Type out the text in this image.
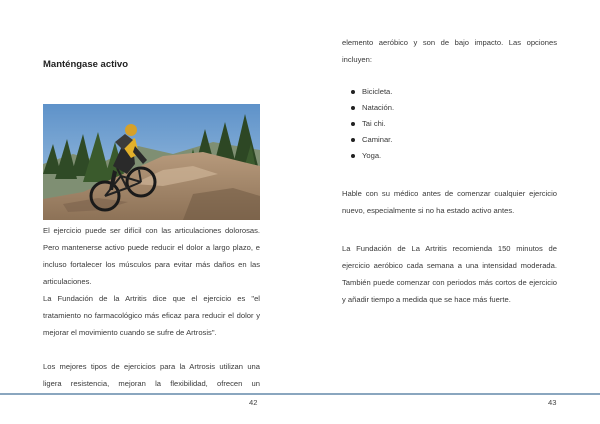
Manténgase activo

El ejercicio puede ser difícil con las articulaciones dolorosas. Pero mantenerse activo puede reducir el dolor a largo plazo, e incluso fortalecer los músculos para evitar más daños en las articulaciones.

La Fundación de la Artritis dice que el ejercicio es "el tratamiento no farmacológico más eficaz para reducir el dolor y mejorar el movimiento cuando se sufre de Artrosis".

Los mejores tipos de ejercicios para la Artrosis utilizan una ligera resistencia, mejoran la flexibilidad, ofrecen un

42	43

elemento aeróbico y son de bajo impacto. Las opciones incluyen:

Bicicleta.
Natación.
Tai chi.
Caminar.
Yoga.

Hable con su médico antes de comenzar cualquier ejercicio nuevo, especialmente si no ha estado activo antes.

La Fundación de La Artritis recomienda 150 minutos de ejercicio aeróbico cada semana a una intensidad moderada. También puede comenzar con periodos más cortos de ejercicio y añadir tiempo a medida que se hace más fuerte.
